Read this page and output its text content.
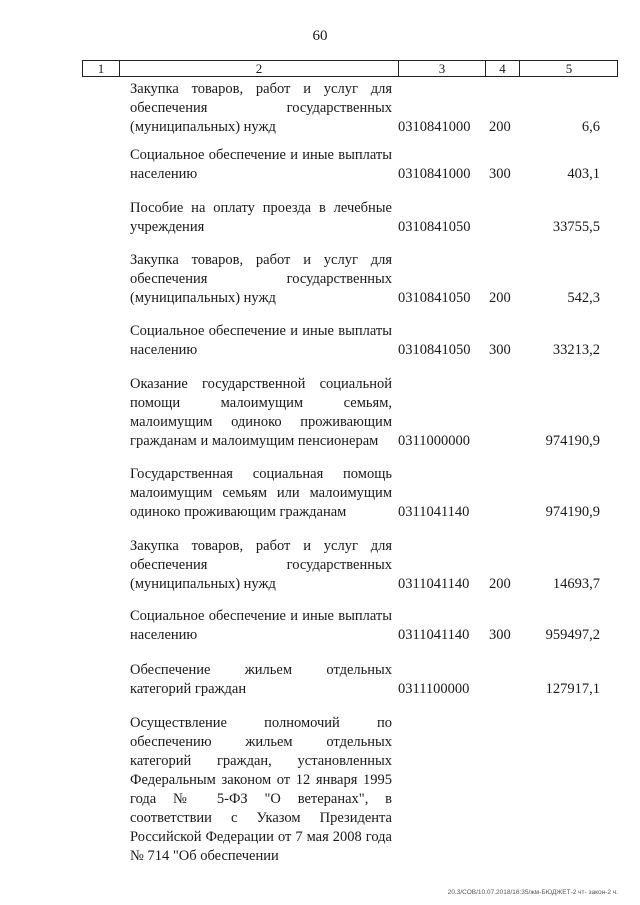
60
1	2	3	4	5
Закупка товаров, работ и услуг для обеспечения государственных (муниципальных) нужд	0310841000 200	6,6
Социальное обеспечение и иные выплаты населению	0310841000 300	403,1
Пособие на оплату проезда в лечебные учреждения	0310841050	33755,5
Закупка товаров, работ и услуг для обеспечения государственных (муниципальных) нужд	0310841050 200	542,3
Социальное обеспечение и иные выплаты населению	0310841050 300	33213,2
Оказание государственной социальной помощи малоимущим семьям, малоимущим одиноко проживающим гражданам и малоимущим пенсионерам	0311000000	974190,9
Государственная социальная помощь малоимущим семьям или малоимущим одиноко проживающим гражданам	0311041140	974190,9
Закупка товаров, работ и услуг для обеспечения государственных (муниципальных) нужд	0311041140 200	14693,7
Социальное обеспечение и иные выплаты населению	0311041140 300 959497,2
Обеспечение жильем отдельных категорий граждан	0311100000	127917,1
Осуществление полномочий по обеспечению жильем отдельных категорий граждан, установленных Федеральным законом от 12 января 1995 года № 5-ФЗ "О ветеранах", в соответствии с Указом Президента Российской Федерации от 7 мая 2008 года № 714 "Об обеспечении
20.3/СОВ/10.07.2018/16:35/жм-БЮДЖЕТ-2 чт- закон-2 ч.
